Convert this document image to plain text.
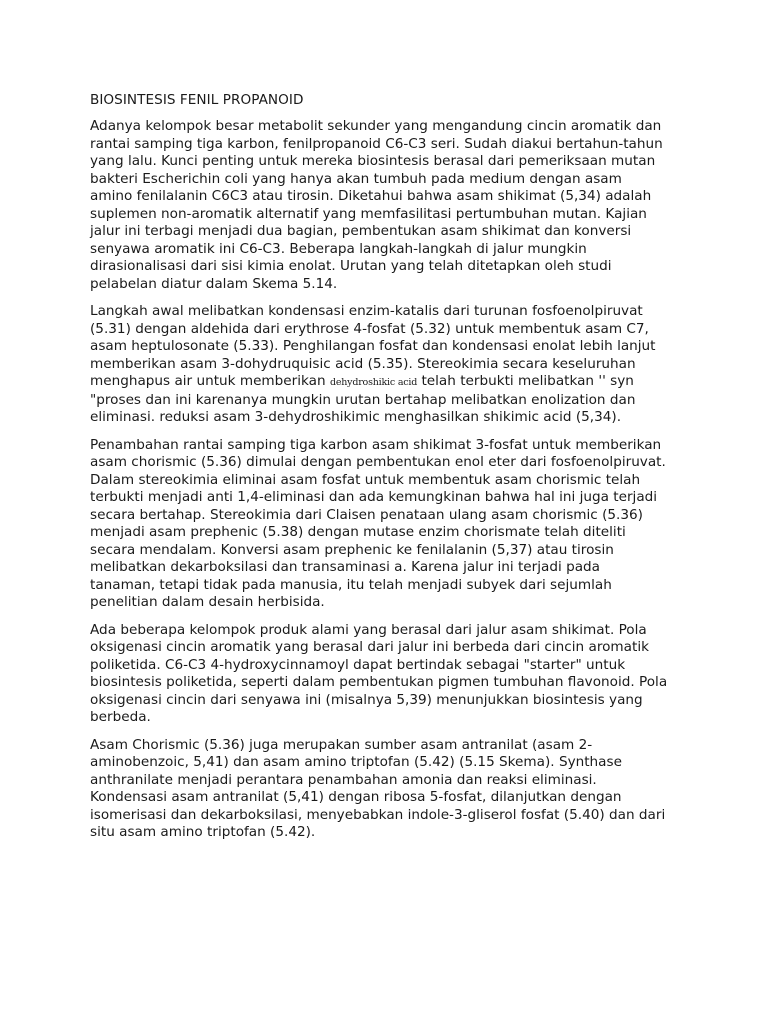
BIOSINTESIS FENIL PROPANOID
Adanya kelompok besar metabolit sekunder yang mengandung cincin aromatik dan
rantai samping tiga karbon, fenilpropanoid C6-C3 seri. Sudah diakui bertahun-tahun
yang lalu. Kunci penting untuk mereka biosintesis berasal dari pemeriksaan mutan
bakteri Escherichin coli yang hanya akan tumbuh pada medium dengan asam
amino fenilalanin C6C3 atau tirosin. Diketahui bahwa asam shikimat (5,34) adalah
suplemen non-aromatik alternatif yang memfasilitasi pertumbuhan mutan. Kajian
jalur ini terbagi menjadi dua bagian, pembentukan asam shikimat dan konversi
senyawa aromatik ini C6-C3. Beberapa langkah-langkah di jalur mungkin
dirasionalisasi dari sisi kimia enolat. Urutan yang telah ditetapkan oleh studi
pelabelan diatur dalam Skema 5.14.
Langkah awal melibatkan kondensasi enzim-katalis dari turunan fosfoenolpiruvat
(5.31) dengan aldehida dari erythrose 4-fosfat (5.32) untuk membentuk asam C7,
asam heptulosonate (5.33). Penghilangan fosfat dan kondensasi enolat lebih lanjut
memberikan asam 3-dohydruquisic acid (5.35). Stereokimia secara keseluruhan
menghapus air untuk memberikan dehydroshikic acid telah terbukti melibatkan '' syn
"proses dan ini karenanya mungkin urutan bertahap melibatkan enolization dan
eliminasi. reduksi asam 3-dehydroshikimic menghasilkan shikimic acid (5,34).
Penambahan rantai samping tiga karbon asam shikimat 3-fosfat untuk memberikan
asam chorismic (5.36) dimulai dengan pembentukan enol eter dari fosfoenolpiruvat.
Dalam stereokimia eliminai asam fosfat untuk membentuk asam chorismic telah
terbukti menjadi anti 1,4-eliminasi dan ada kemungkinan bahwa hal ini juga terjadi
secara bertahap. Stereokimia dari Claisen penataan ulang asam chorismic (5.36)
menjadi asam prephenic (5.38) dengan mutase enzim chorismate telah diteliti
secara mendalam. Konversi asam prephenic ke fenilalanin (5,37) atau tirosin
melibatkan dekarboksilasi dan transaminasi a. Karena jalur ini terjadi pada
tanaman, tetapi tidak pada manusia, itu telah menjadi subyek dari sejumlah
penelitian dalam desain herbisida.
Ada beberapa kelompok produk alami yang berasal dari jalur asam shikimat. Pola
oksigenasi cincin aromatik yang berasal dari jalur ini berbeda dari cincin aromatik
poliketida. C6-C3 4-hydroxycinnamoyl dapat bertindak sebagai "starter" untuk
biosintesis poliketida, seperti dalam pembentukan pigmen tumbuhan flavonoid. Pola
oksigenasi cincin dari senyawa ini (misalnya 5,39) menunjukkan biosintesis yang
berbeda.
Asam Chorismic (5.36) juga merupakan sumber asam antranilat (asam 2-
aminobenzoic, 5,41) dan asam amino triptofan (5.42) (5.15 Skema). Synthase
anthranilate menjadi perantara penambahan amonia dan reaksi eliminasi.
Kondensasi asam antranilat (5,41) dengan ribosa 5-fosfat, dilanjutkan dengan
isomerisasi dan dekarboksilasi, menyebabkan indole-3-gliserol fosfat (5.40) dan dari
situ asam amino triptofan (5.42).
